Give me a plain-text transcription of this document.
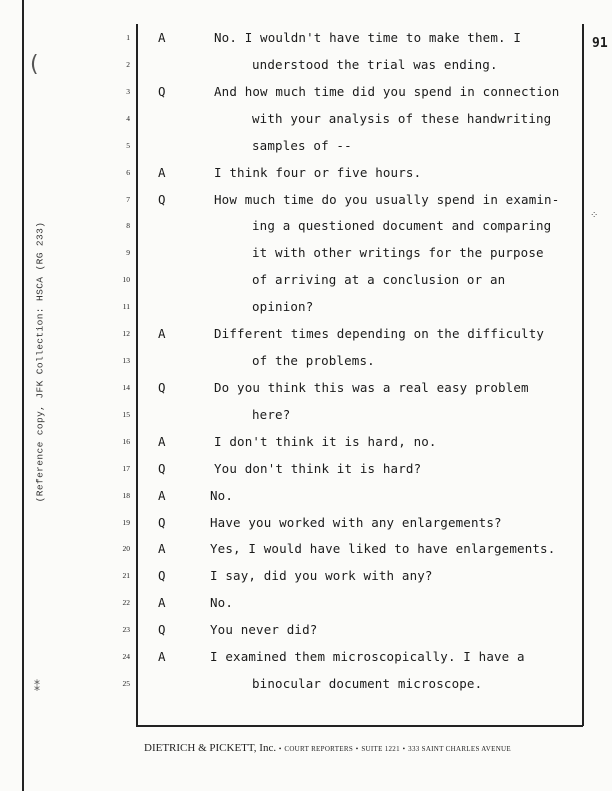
(Reference copy, JFK Collection: HSCA (RG 233)
(
⁘
⁑
91
1 A	No. I wouldn't have time to make them. I
2	understood the trial was ending.
3 Q	And how much time did you spend in connection
4	with your analysis of these handwriting
5	samples of --
6 A	I think four or five hours.
7 Q	How much time do you usually spend in examin-
8	ing a questioned document and comparing
9	it with other writings for the purpose
10	of arriving at a conclusion or an
11	opinion?
12 A	Different times depending on the difficulty
13	of the problems.
14 Q	Do you think this was a real easy problem
15	here?
16 A	I don't think it is hard, no.
17 Q	You don't think it is hard?
18 A	No.
19 Q	Have you worked with any enlargements?
20 A	Yes, I would have liked to have enlargements.
21 Q	I say, did you work with any?
22 A	No.
23 Q	You never did?
24 A	I examined them microscopically. I have a
25	binocular document microscope.
DIETRICH & PICKETT, Inc. • COURT REPORTERS • SUITE 1221 • 333 SAINT CHARLES AVENUE
